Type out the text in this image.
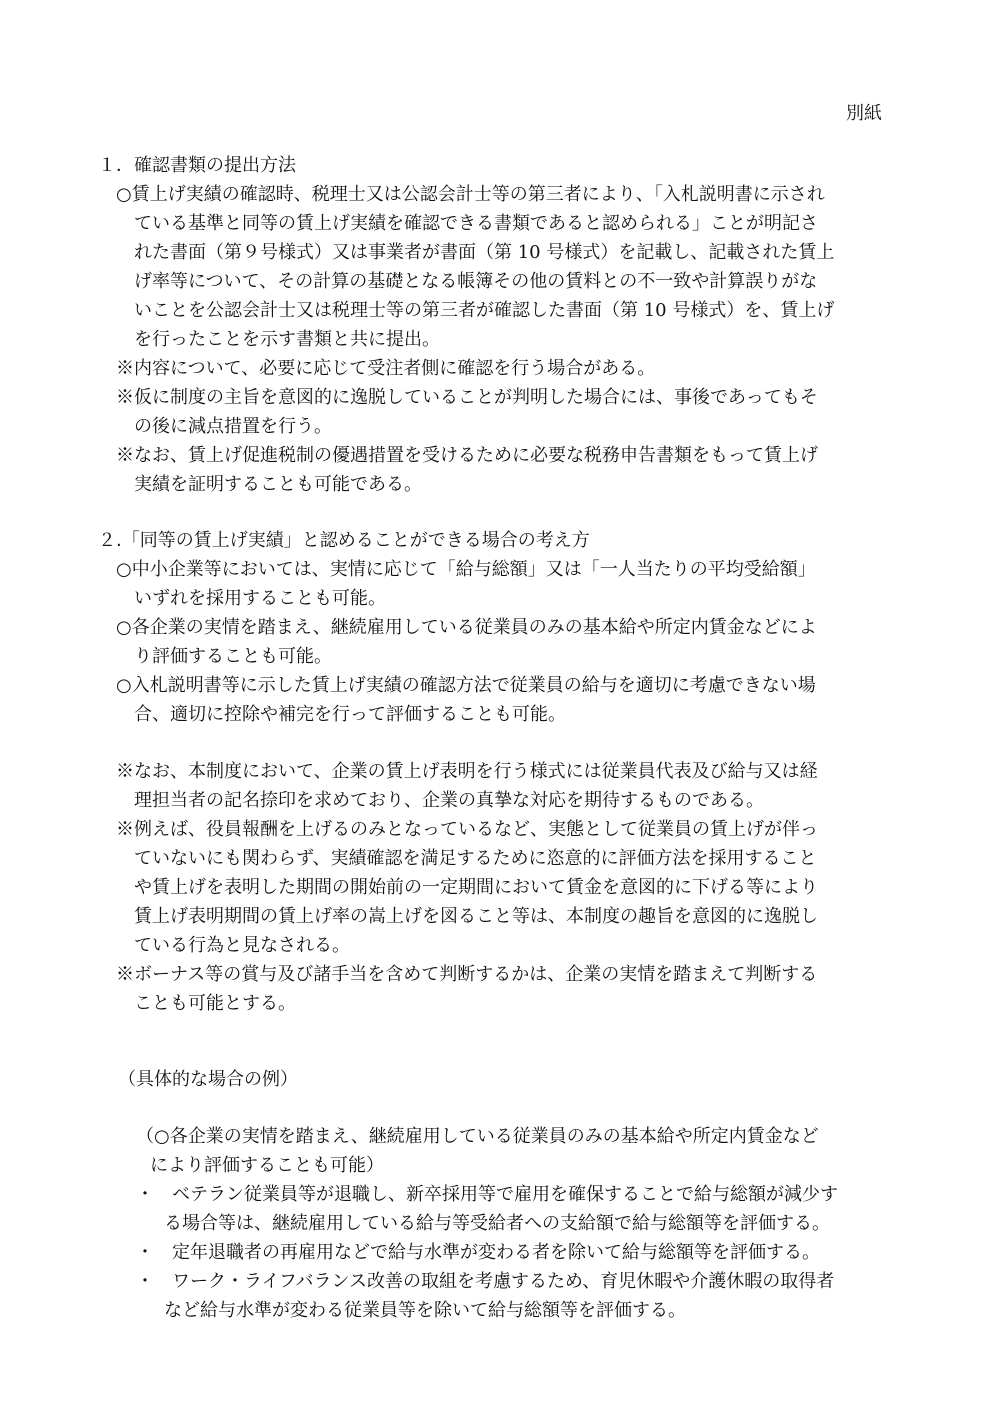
別紙
１．確認書類の提出方法
○賃上げ実績の確認時、税理士又は公認会計士等の第三者により、「入札説明書に示され
ている基準と同等の賃上げ実績を確認できる書類であると認められる」ことが明記さ
れた書面（第９号様式）又は事業者が書面（第 10 号様式）を記載し、記載された賃上
げ率等について、その計算の基礎となる帳簿その他の賃料との不一致や計算誤りがな
いことを公認会計士又は税理士等の第三者が確認した書面（第 10 号様式）を、賃上げ
を行ったことを示す書類と共に提出。
※内容について、必要に応じて受注者側に確認を行う場合がある。
※仮に制度の主旨を意図的に逸脱していることが判明した場合には、事後であってもそ
の後に減点措置を行う。
※なお、賃上げ促進税制の優遇措置を受けるために必要な税務申告書類をもって賃上げ
実績を証明することも可能である。
２.「同等の賃上げ実績」と認めることができる場合の考え方
○中小企業等においては、実情に応じて「給与総額」又は「一人当たりの平均受給額」
いずれを採用することも可能。
○各企業の実情を踏まえ、継続雇用している従業員のみの基本給や所定内賃金などによ
り評価することも可能。
○入札説明書等に示した賃上げ実績の確認方法で従業員の給与を適切に考慮できない場
合、適切に控除や補完を行って評価することも可能。
※なお、本制度において、企業の賃上げ表明を行う様式には従業員代表及び給与又は経
理担当者の記名捺印を求めており、企業の真摯な対応を期待するものである。
※例えば、役員報酬を上げるのみとなっているなど、実態として従業員の賃上げが伴っ
ていないにも関わらず、実績確認を満足するために恣意的に評価方法を採用すること
や賃上げを表明した期間の開始前の一定期間において賃金を意図的に下げる等により
賃上げ表明期間の賃上げ率の嵩上げを図ること等は、本制度の趣旨を意図的に逸脱し
ている行為と見なされる。
※ボーナス等の賞与及び諸手当を含めて判断するかは、企業の実情を踏まえて判断する
ことも可能とする。
（具体的な場合の例）
（○各企業の実情を踏まえ、継続雇用している従業員のみの基本給や所定内賃金など
により評価することも可能）
・　ベテラン従業員等が退職し、新卒採用等で雇用を確保することで給与総額が減少す
る場合等は、継続雇用している給与等受給者への支給額で給与総額等を評価する。
・　定年退職者の再雇用などで給与水準が変わる者を除いて給与総額等を評価する。
・　ワーク・ライフバランス改善の取組を考慮するため、育児休暇や介護休暇の取得者
など給与水準が変わる従業員等を除いて給与総額等を評価する。
